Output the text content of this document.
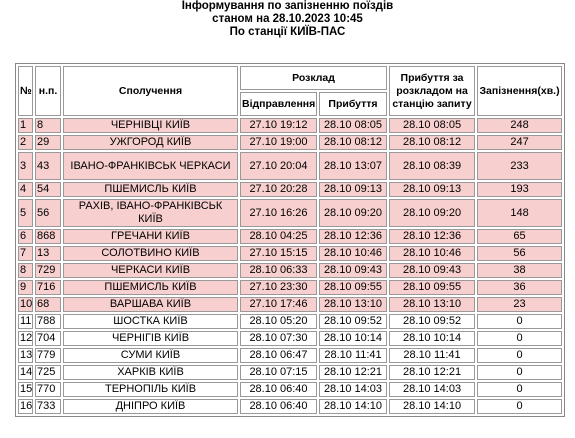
Інформування по запізненню поїздів
станом на 28.10.2023 10:45
По станції КИЇВ-ПАС
№	н.п.	Сполучення	Розклад		Прибуття за розкладом на станцію запиту	Запізнення(хв.)
			Відправлення	Прибуття		
1	8	ЧЕРНІВЦІ КИЇВ	27.10 19:12	28.10 08:05	28.10 08:05	248
2	29	УЖГОРОД КИЇВ	27.10 19:00	28.10 08:12	28.10 08:12	247
3	43	ІВАНО-ФРАНКІВСЬК ЧЕРКАСИ	27.10 20:04	28.10 13:07	28.10 08:39	233
4	54	ПШЕМИСЛЬ КИЇВ	27.10 20:28	28.10 09:13	28.10 09:13	193
5	56	РАХІВ, ІВАНО-ФРАНКІВСЬК КИЇВ	27.10 16:26	28.10 09:20	28.10 09:20	148
6	868	ГРЕЧАНИ КИЇВ	28.10 04:25	28.10 12:36	28.10 12:36	65
7	13	СОЛОТВИНО КИЇВ	27.10 15:15	28.10 10:46	28.10 10:46	56
8	729	ЧЕРКАСИ КИЇВ	28.10 06:33	28.10 09:43	28.10 09:43	38
9	716	ПШЕМИСЛЬ КИЇВ	27.10 23:30	28.10 09:55	28.10 09:55	36
10	68	ВАРШАВА КИЇВ	27.10 17:46	28.10 13:10	28.10 13:10	23
11	788	ШОСТКА КИЇВ	28.10 05:20	28.10 09:52	28.10 09:52	0
12	704	ЧЕРНІГІВ КИЇВ	28.10 07:30	28.10 10:14	28.10 10:14	0
13	779	СУМИ КИЇВ	28.10 06:47	28.10 11:41	28.10 11:41	0
14	725	ХАРКІВ КИЇВ	28.10 07:15	28.10 12:21	28.10 12:21	0
15	770	ТЕРНОПІЛЬ КИЇВ	28.10 06:40	28.10 14:03	28.10 14:03	0
16	733	ДНІПРО КИЇВ	28.10 06:40	28.10 14:10	28.10 14:10	0
